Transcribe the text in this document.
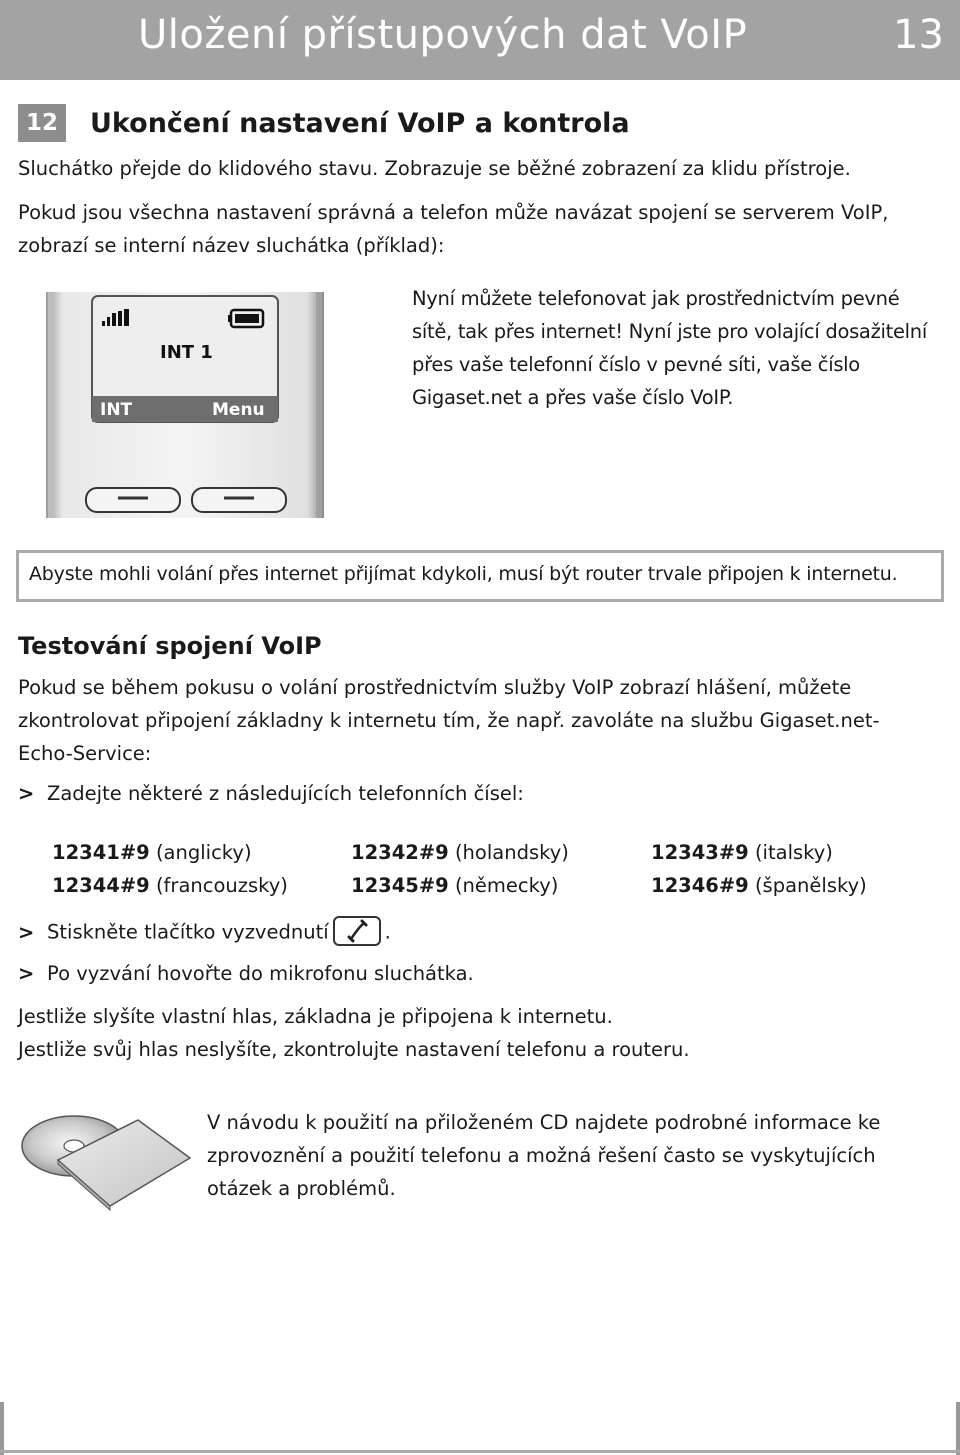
Uložení přístupových dat VoIP	13
12 Ukončení nastavení VoIP a kontrola
Sluchátko přejde do klidového stavu. Zobrazuje se běžné zobrazení za klidu přístroje.
Pokud jsou všechna nastavení správná a telefon může navázat spojení se serverem VoIP, zobrazí se interní název sluchátka (příklad):
INT 1
INT	Menu
Nyní můžete telefonovat jak prostřednictvím pevné sítě, tak přes internet! Nyní jste pro volající dosažitelní přes vaše telefonní číslo v pevné síti, vaše číslo Gigaset.net a přes vaše číslo VoIP.
Abyste mohli volání přes internet přijímat kdykoli, musí být router trvale připojen k internetu.
Testování spojení VoIP
Pokud se během pokusu o volání prostřednictvím služby VoIP zobrazí hlášení, můžete zkontrolovat připojení základny k internetu tím, že např. zavoláte na službu Gigaset.net-Echo-Service:
> Zadejte některé z následujících telefonních čísel:
12341#9 (anglicky)	12342#9 (holandsky)	12343#9 (italsky)
12344#9 (francouzsky)	12345#9 (německy)	12346#9 (španělsky)
> Stiskněte tlačítko vyzvednutí	.
> Po vyzvání hovořte do mikrofonu sluchátka.
Jestliže slyšíte vlastní hlas, základna je připojena k internetu.
Jestliže svůj hlas neslyšíte, zkontrolujte nastavení telefonu a routeru.
V návodu k použití na přiloženém CD najdete podrobné informace ke zprovoznění a použití telefonu a možná řešení často se vyskytujících otázek a problémů.
